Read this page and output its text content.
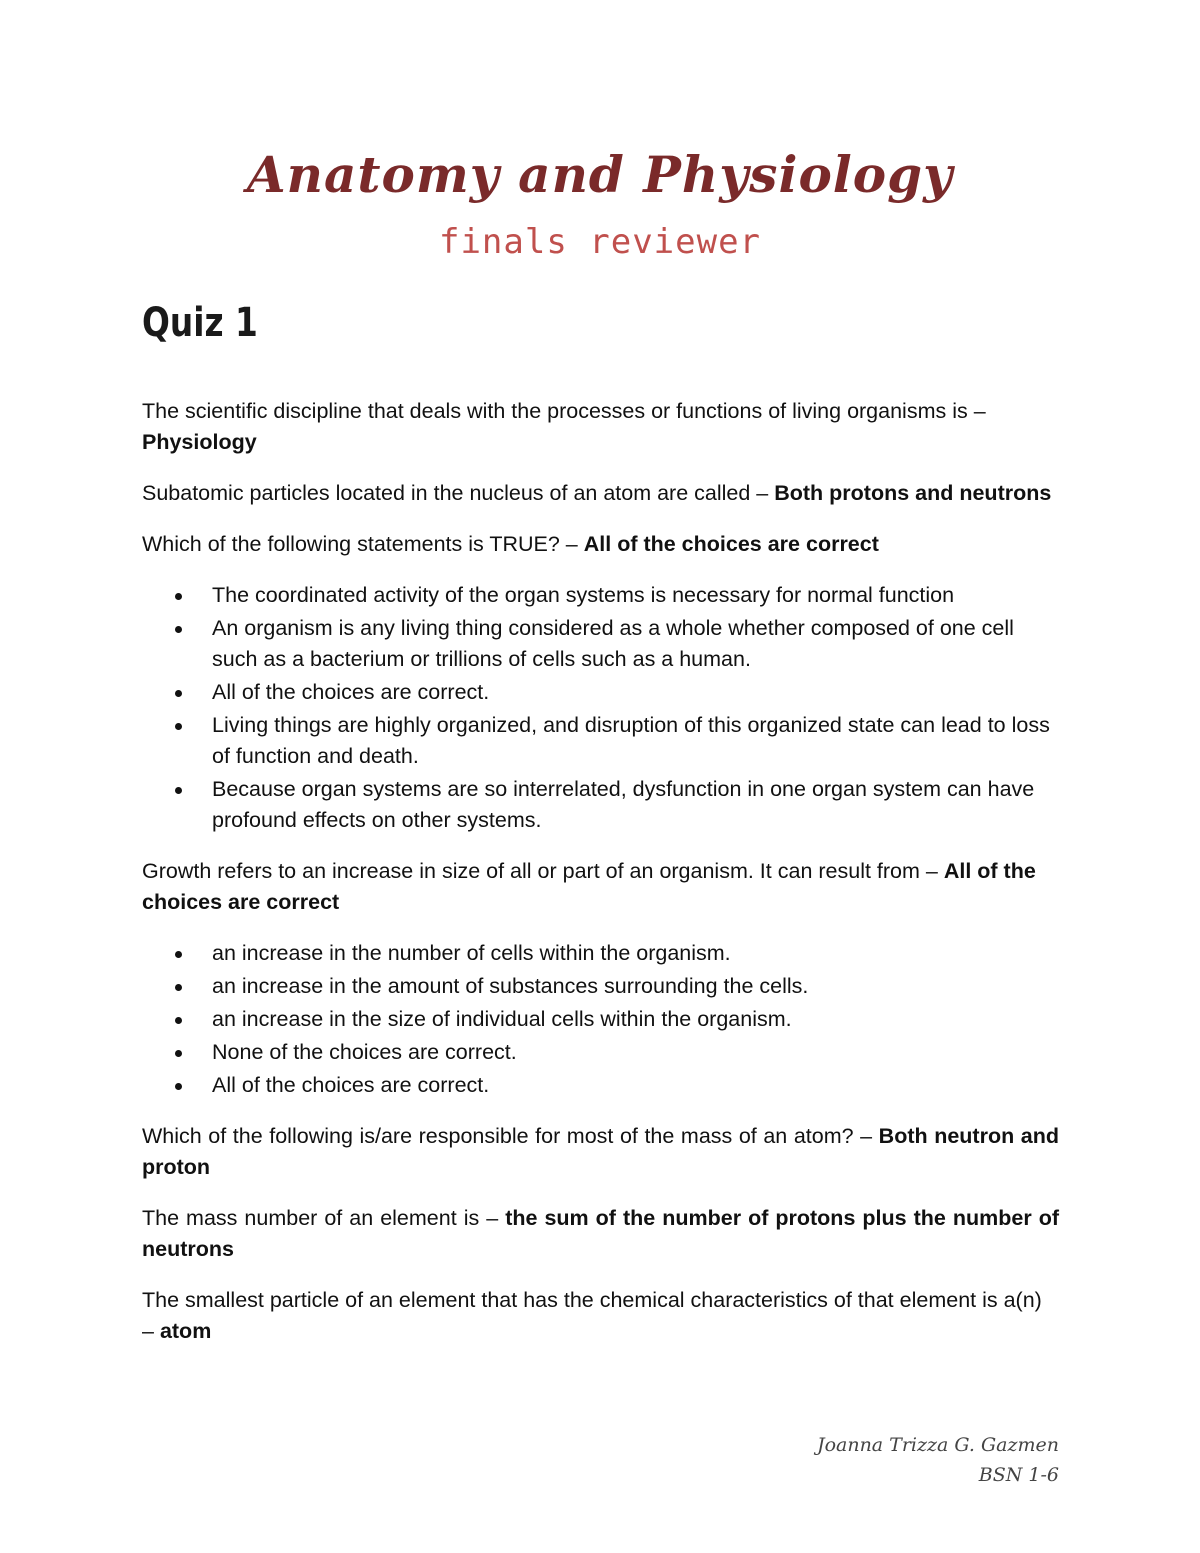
Anatomy and Physiology
finals reviewer
Quiz 1

The scientific discipline that deals with the processes or functions of living organisms is – Physiology

Subatomic particles located in the nucleus of an atom are called – Both protons and neutrons

Which of the following statements is TRUE? – All of the choices are correct

The coordinated activity of the organ systems is necessary for normal function
An organism is any living thing considered as a whole whether composed of one cell such as a bacterium or trillions of cells such as a human.
All of the choices are correct.
Living things are highly organized, and disruption of this organized state can lead to loss of function and death.
Because organ systems are so interrelated, dysfunction in one organ system can have profound effects on other systems.

Growth refers to an increase in size of all or part of an organism. It can result from – All of the choices are correct

an increase in the number of cells within the organism.
an increase in the amount of substances surrounding the cells.
an increase in the size of individual cells within the organism.
None of the choices are correct.
All of the choices are correct.

Which of the following is/are responsible for most of the mass of an atom? – Both neutron and proton

The mass number of an element is – the sum of the number of protons plus the number of neutrons

The smallest particle of an element that has the chemical characteristics of that element is a(n) – atom

Joanna Trizza G. Gazmen
BSN 1-6
